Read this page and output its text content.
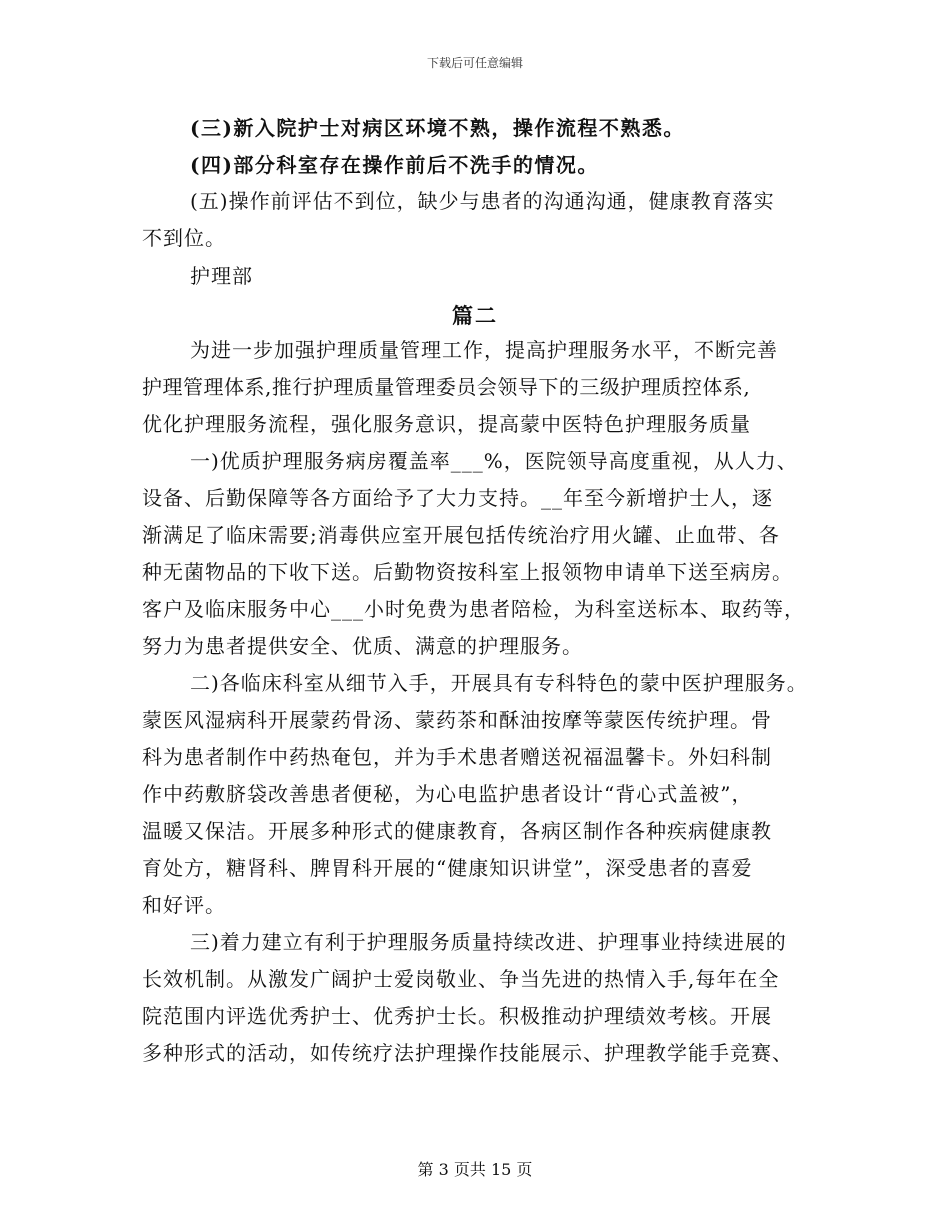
下载后可任意编辑
(三)新入院护士对病区环境不熟，操作流程不熟悉。
(四)部分科室存在操作前后不洗手的情况。
(五)操作前评估不到位，缺少与患者的沟通沟通，健康教育落实
不到位。
护理部
篇二
为进一步加强护理质量管理工作，提高护理服务水平，不断完善
护理管理体系,推行护理质量管理委员会领导下的三级护理质控体系,
优化护理服务流程，强化服务意识，提高蒙中医特色护理服务质量
一)优质护理服务病房覆盖率___%，医院领导高度重视，从人力、
设备、后勤保障等各方面给予了大力支持。__年至今新增护士人，逐
渐满足了临床需要;消毒供应室开展包括传统治疗用火罐、止血带、各
种无菌物品的下收下送。后勤物资按科室上报领物申请单下送至病房。
客户及临床服务中心___小时免费为患者陪检，为科室送标本、取药等，
努力为患者提供安全、优质、满意的护理服务。
二)各临床科室从细节入手，开展具有专科特色的蒙中医护理服务。
蒙医风湿病科开展蒙药骨汤、蒙药茶和酥油按摩等蒙医传统护理。骨
科为患者制作中药热奄包，并为手术患者赠送祝福温馨卡。外妇科制
作中药敷脐袋改善患者便秘，为心电监护患者设计“背心式盖被”，
温暖又保洁。开展多种形式的健康教育，各病区制作各种疾病健康教
育处方，糖肾科、脾胃科开展的“健康知识讲堂”，深受患者的喜爱
和好评。
三)着力建立有利于护理服务质量持续改进、护理事业持续进展的
长效机制。从激发广阔护士爱岗敬业、争当先进的热情入手,每年在全
院范围内评选优秀护士、优秀护士长。积极推动护理绩效考核。开展
多种形式的活动，如传统疗法护理操作技能展示、护理教学能手竞赛、
第 3 页共 15 页
